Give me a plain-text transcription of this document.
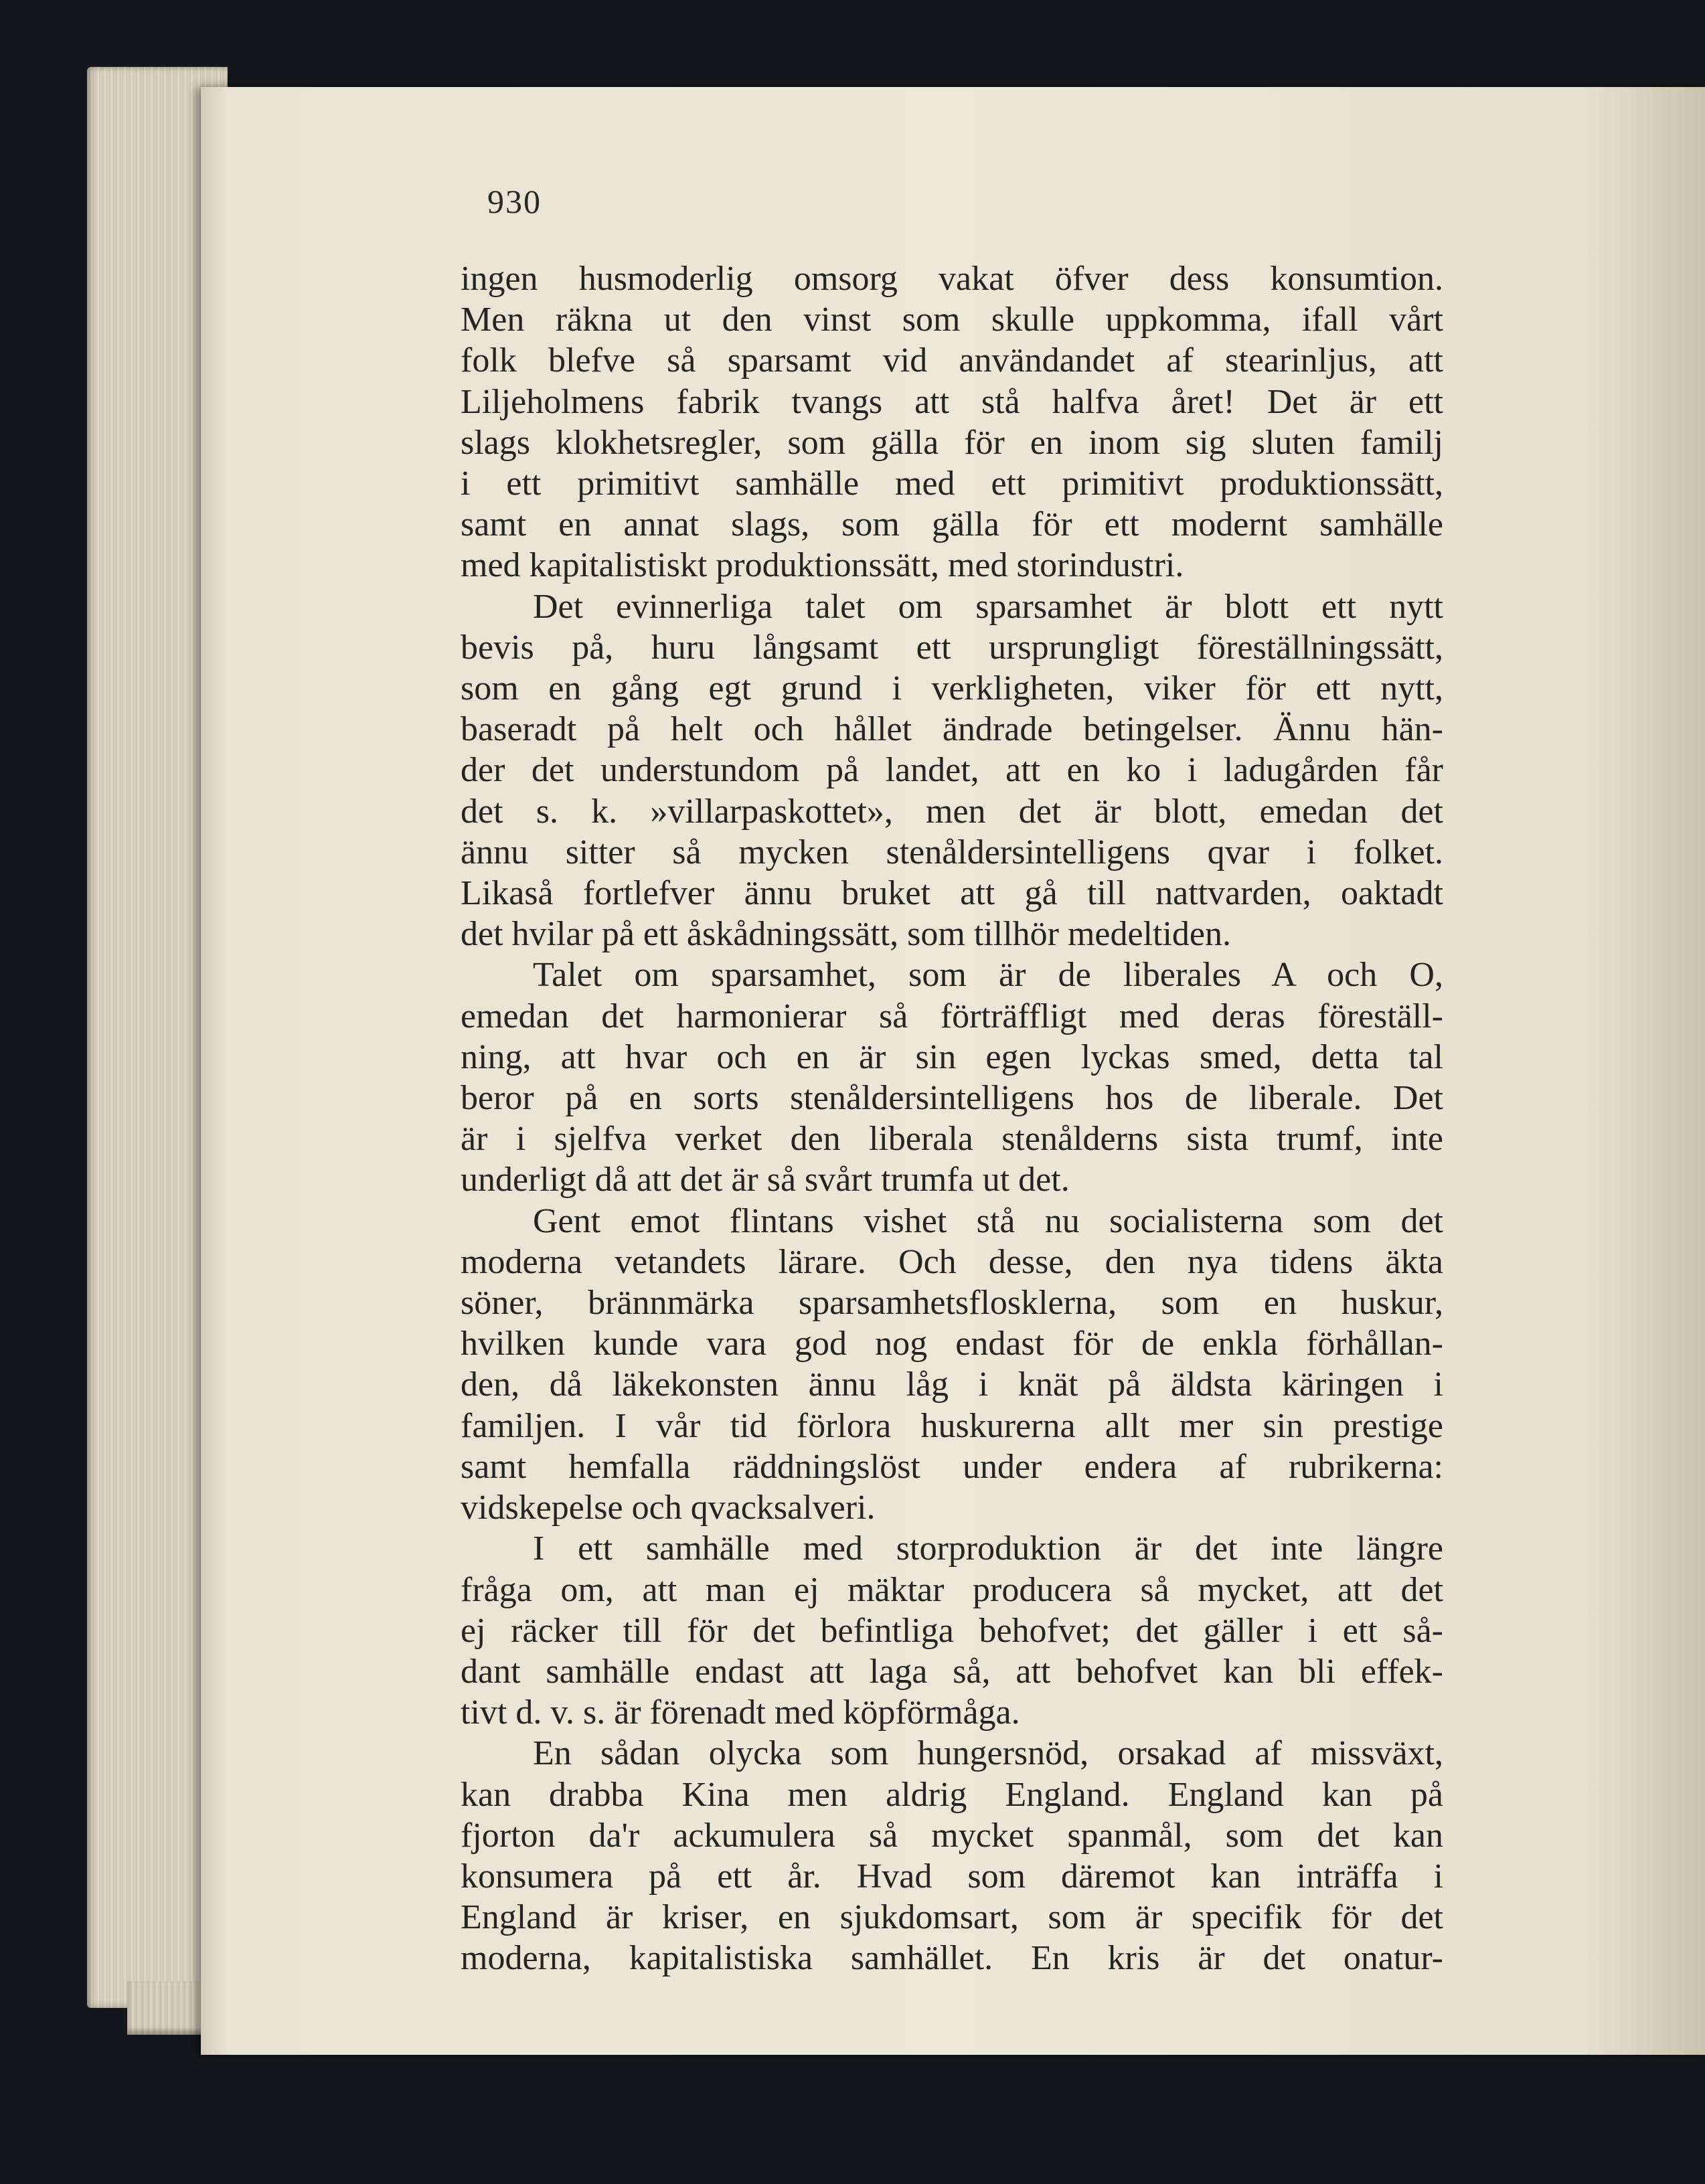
930
ingen husmoderlig omsorg vakat öfver dess konsumtion.
Men räkna ut den vinst som skulle uppkomma, ifall vårt
folk blefve så sparsamt vid användandet af stearinljus, att
Liljeholmens fabrik tvangs att stå halfva året! Det är ett
slags klokhetsregler, som gälla för en inom sig sluten familj
i ett primitivt samhälle med ett primitivt produktionssätt,
samt en annat slags, som gälla för ett modernt samhälle
med kapitalistiskt produktionssätt, med storindustri.
Det evinnerliga talet om sparsamhet är blott ett nytt
bevis på, huru långsamt ett ursprungligt föreställningssätt,
som en gång egt grund i verkligheten, viker för ett nytt,
baseradt på helt och hållet ändrade betingelser. Ännu hän-
der det understundom på landet, att en ko i ladugården får
det s. k. »villarpaskottet», men det är blott, emedan det
ännu sitter så mycken stenåldersintelligens qvar i folket.
Likaså fortlefver ännu bruket att gå till nattvarden, oaktadt
det hvilar på ett åskådningssätt, som tillhör medeltiden.
Talet om sparsamhet, som är de liberales A och O,
emedan det harmonierar så förträffligt med deras föreställ-
ning, att hvar och en är sin egen lyckas smed, detta tal
beror på en sorts stenåldersintelligens hos de liberale. Det
är i sjelfva verket den liberala stenålderns sista trumf, inte
underligt då att det är så svårt trumfa ut det.
Gent emot flintans vishet stå nu socialisterna som det
moderna vetandets lärare. Och desse, den nya tidens äkta
söner, brännmärka sparsamhetsflosklerna, som en huskur,
hvilken kunde vara god nog endast för de enkla förhållan-
den, då läkekonsten ännu låg i knät på äldsta käringen i
familjen. I vår tid förlora huskurerna allt mer sin prestige
samt hemfalla räddningslöst under endera af rubrikerna:
vidskepelse och qvacksalveri.
I ett samhälle med storproduktion är det inte längre
fråga om, att man ej mäktar producera så mycket, att det
ej räcker till för det befintliga behofvet; det gäller i ett så-
dant samhälle endast att laga så, att behofvet kan bli effek-
tivt d. v. s. är förenadt med köpförmåga.
En sådan olycka som hungersnöd, orsakad af missväxt,
kan drabba Kina men aldrig England. England kan på
fjorton da'r ackumulera så mycket spanmål, som det kan
konsumera på ett år. Hvad som däremot kan inträffa i
England är kriser, en sjukdomsart, som är specifik för det
moderna, kapitalistiska samhället. En kris är det onatur-
